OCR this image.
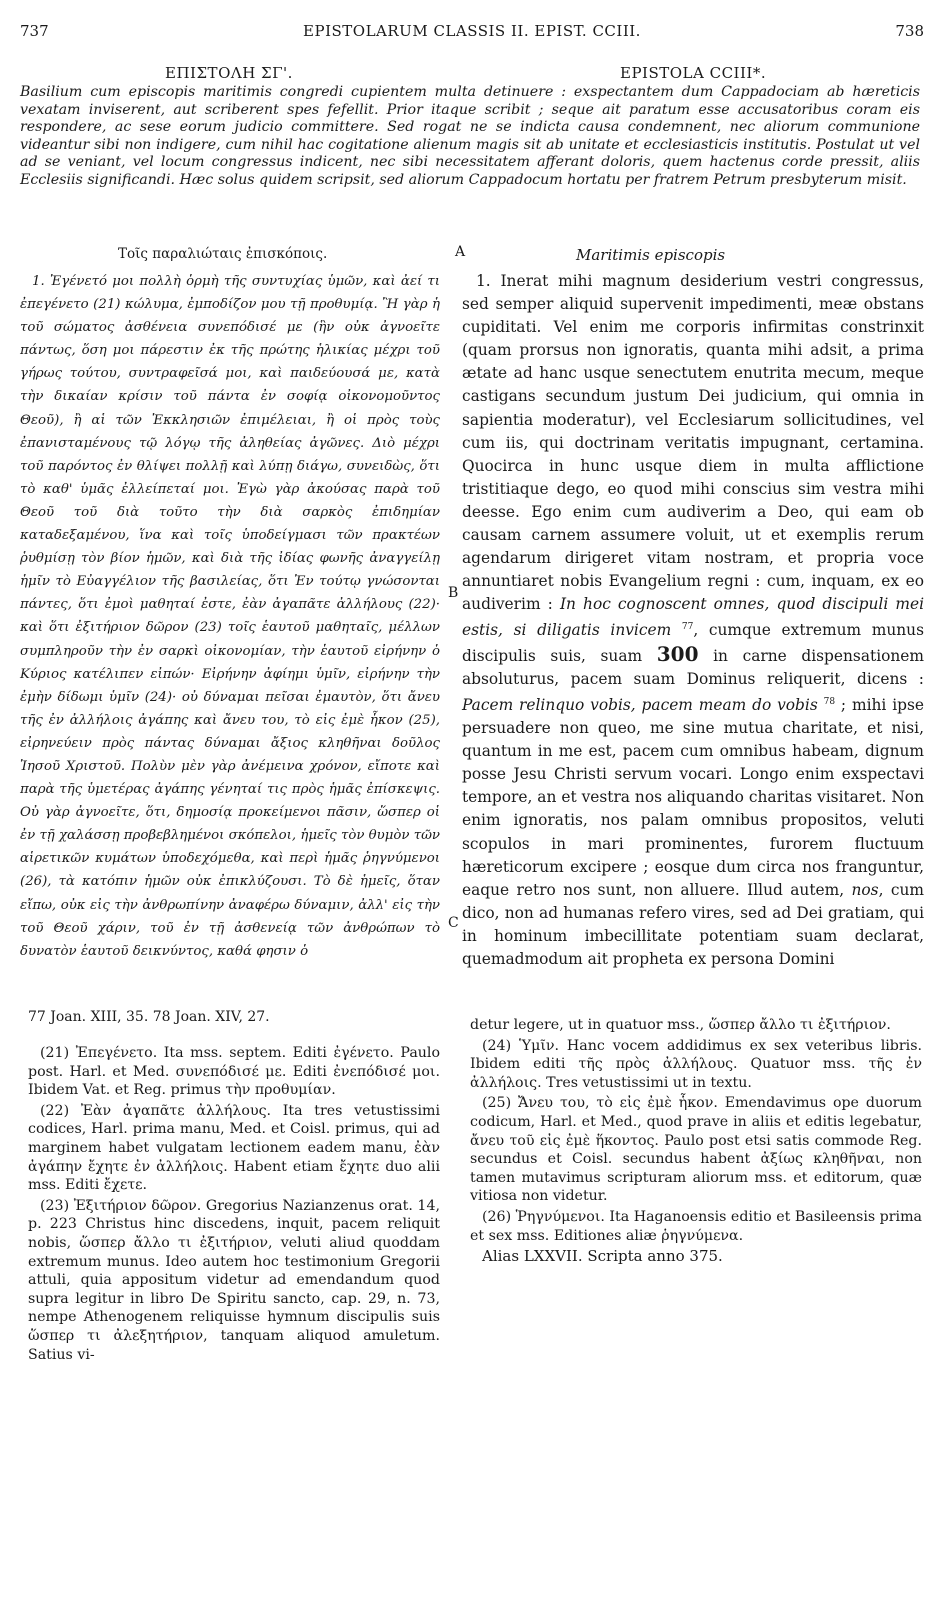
737	EPISTOLARUM CLASSIS II. EPIST. CCIII.	738
ΕΠΙΣΤΟΛΗ ΣΓ'.	EPISTOLA CCIII*.
Basilium cum episcopis maritimis congredi cupientem multa detinuere : exspectantem dum Cappadociam ab hæreticis vexatam inviserent, aut scriberent spes fefellit. Prior itaque scribit ; seque ait paratum esse accusatoribus coram eis respondere, ac sese eorum judicio committere. Sed rogat ne se indicta causa condemnent, nec aliorum communione videantur sibi non indigere, cum nihil hac cogitatione alienum magis sit ab unitate et ecclesiasticis institutis. Postulat ut vel ad se veniant, vel locum congressus indicent, nec sibi necessitatem afferant doloris, quem hactenus corde pressit, aliis Ecclesiis significandi. Hæc solus quidem scripsit, sed aliorum Cappadocum hortatu per fratrem Petrum presbyterum misit.
Τοῖς παραλιώταις ἐπισκόποις.	A	Maritimis episcopis

1. Ἐγένετό μοι πολλὴ ὁρμὴ τῆς συντυχίας ὑμῶν, καὶ ἀεί τι ἐπεγένετο (21) κώλυμα, ἐμποδίζον μου τῇ προθυμίᾳ. Ἢ γὰρ ἡ τοῦ σώματος ἀσθένεια συνεπόδισέ με (ἣν οὐκ ἀγνοεῖτε πάντως, ὅση μοι πάρεστιν ἐκ τῆς πρώτης ἡλικίας μέχρι τοῦ γήρως τούτου, συντραφεῖσά μοι, καὶ παιδεύουσά με, κατὰ τὴν δικαίαν κρίσιν τοῦ πάντα ἐν σοφίᾳ οἰκονομοῦντος Θεοῦ), ἢ αἱ τῶν Ἐκκλησιῶν ἐπιμέλειαι, ἢ οἱ πρὸς τοὺς ἐπανισταμένους τῷ λόγῳ τῆς ἀληθείας ἀγῶνες. Διὸ μέχρι τοῦ παρόντος ἐν θλίψει πολλῇ καὶ λύπῃ διάγω, συνειδὼς, ὅτι τὸ καθ' ὑμᾶς ἐλλείπεταί μοι. Ἐγὼ γὰρ ἀκούσας παρὰ τοῦ Θεοῦ τοῦ διὰ τοῦτο τὴν διὰ σαρκὸς ἐπιδημίαν καταδεξαμένου, ἵνα καὶ τοῖς ὑποδείγμασι τῶν πρακτέων ῥυθμίσῃ τὸν βίον ἡμῶν, καὶ διὰ τῆς ἰδίας φωνῆς ἀναγγείλῃ ἡμῖν τὸ Εὐαγγέλιον τῆς βασιλείας, ὅτι Ἐν τούτῳ γνώσονται πάντες, ὅτι ἐμοὶ μαθηταί ἐστε, ἐὰν ἀγαπᾶτε ἀλλήλους (22)· καὶ ὅτι ἐξιτήριον δῶρον (23) τοῖς ἑαυτοῦ μαθηταῖς, μέλλων συμπληροῦν τὴν ἐν σαρκὶ οἰκονομίαν, τὴν ἑαυτοῦ εἰρήνην ὁ Κύριος κατέλιπεν εἰπών· Εἰρήνην ἀφίημι ὑμῖν, εἰρήνην τὴν ἐμὴν δίδωμι ὑμῖν (24)· οὐ δύναμαι πεῖσαι ἐμαυτὸν, ὅτι ἄνευ τῆς ἐν ἀλλήλοις ἀγάπης καὶ ἄνευ του, τὸ εἰς ἐμὲ ἧκον (25), εἰρηνεύειν πρὸς πάντας δύναμαι ἄξιος κληθῆναι δοῦλος Ἰησοῦ Χριστοῦ. Πολὺν μὲν γὰρ ἀνέμεινα χρόνον, εἴποτε καὶ παρὰ τῆς ὑμετέρας ἀγάπης γένηταί τις πρὸς ἡμᾶς ἐπίσκεψις. Οὐ γὰρ ἀγνοεῖτε, ὅτι, δημοσίᾳ προκείμενοι πᾶσιν, ὥσπερ οἱ ἐν τῇ χαλάσσῃ προβεβλημένοι σκόπελοι, ἡμεῖς τὸν θυμὸν τῶν αἱρετικῶν κυμάτων ὑποδεχόμεθα, καὶ περὶ ἡμᾶς ῥηγνύμενοι (26), τὰ κατόπιν ἡμῶν οὐκ ἐπικλύζουσι. Τὸ δὲ ἡμεῖς, ὅταν εἴπω, οὐκ εἰς τὴν ἀνθρωπίνην ἀναφέρω δύναμιν, ἀλλ' εἰς τὴν τοῦ Θεοῦ χάριν, τοῦ ἐν τῇ ἀσθενείᾳ τῶν ἀνθρώπων τὸ δυνατὸν ἑαυτοῦ δεικνύντος, καθά φησιν ὁ

B
C

1. Inerat mihi magnum desiderium vestri congressus, sed semper aliquid supervenit impedimenti, meæ obstans cupiditati. Vel enim me corporis infirmitas constrinxit (quam prorsus non ignoratis, quanta mihi adsit, a prima ætate ad hanc usque senectutem enutrita mecum, meque castigans secundum justum Dei judicium, qui omnia in sapientia moderatur), vel Ecclesiarum sollicitudines, vel cum iis, qui doctrinam veritatis impugnant, certamina. Quocirca in hunc usque diem in multa afflictione tristitiaque dego, eo quod mihi conscius sim vestra mihi deesse. Ego enim cum audiverim a Deo, qui eam ob causam carnem assumere voluit, ut et exemplis rerum agendarum dirigeret vitam nostram, et propria voce annuntiaret nobis Evangelium regni : cum, inquam, ex eo audiverim : In hoc cognoscent omnes, quod discipuli mei estis, si diligatis invicem $^{77}$, cumque extremum munus discipulis suis, suam 300 in carne dispensationem absoluturus, pacem suam Dominus reliquerit, dicens : Pacem relinquo vobis, pacem meam do vobis $^{78}$ ; mihi ipse persuadere non queo, me sine mutua charitate, et nisi, quantum in me est, pacem cum omnibus habeam, dignum posse Jesu Christi servum vocari. Longo enim exspectavi tempore, an et vestra nos aliquando charitas visitaret. Non enim ignoratis, nos palam omnibus propositos, veluti scopulos in mari prominentes, furorem fluctuum hæreticorum excipere ; eosque dum circa nos franguntur, eaque retro nos sunt, non alluere. Illud autem, nos, cum dico, non ad humanas refero vires, sed ad Dei gratiam, qui in hominum imbecillitate potentiam suam declarat, quemadmodum ait propheta ex persona Domini

77 Joan. XIII, 35. 78 Joan. XIV, 27.

(21) Ἐπεγένετο. Ita mss. septem. Editi ἐγένετο. Paulo post. Harl. et Med. συνεπόδισέ με. Editi ἐνεπόδισέ μοι. Ibidem Vat. et Reg. primus τὴν προθυμίαν.

(22) Ἐὰν ἀγαπᾶτε ἀλλήλους. Ita tres vetustissimi codices, Harl. prima manu, Med. et Coisl. primus, qui ad marginem habet vulgatam lectionem eadem manu, ἐὰν ἀγάπην ἔχητε ἐν ἀλλήλοις. Habent etiam ἔχητε duo alii mss. Editi ἔχετε.

(23) Ἐξιτήριον δῶρον. Gregorius Nazianzenus orat. 14, p. 223 Christus hinc discedens, inquit, pacem reliquit nobis, ὥσπερ ἄλλο τι ἐξιτήριον, veluti aliud quoddam extremum munus. Ideo autem hoc testimonium Gregorii attuli, quia appositum videtur ad emendandum quod supra legitur in libro De Spiritu sancto, cap. 29, n. 73, nempe Athenogenem reliquisse hymnum discipulis suis ὥσπερ τι ἀλεξητήριον, tanquam aliquod amuletum. Satius vi-

detur legere, ut in quatuor mss., ὥσπερ ἄλλο τι ἐξιτήριον.

(24) Ὑμῖν. Hanc vocem addidimus ex sex veteribus libris. Ibidem editi τῆς πρὸς ἀλλήλους. Quatuor mss. τῆς ἐν ἀλλήλοις. Tres vetustissimi ut in textu.

(25) Ἄνευ του, τὸ εἰς ἐμὲ ἧκον. Emendavimus ope duorum codicum, Harl. et Med., quod prave in aliis et editis legebatur, ἄνευ τοῦ εἰς ἐμὲ ἥκοντος. Paulo post etsi satis commode Reg. secundus et Coisl. secundus habent ἀξίως κληθῆναι, non tamen mutavimus scripturam aliorum mss. et editorum, quæ vitiosa non videtur.

(26) Ῥηγνύμενοι. Ita Haganoensis editio et Basileensis prima et sex mss. Editiones aliæ ῥηγνύμενα.

Alias LXXVII. Scripta anno 375.
